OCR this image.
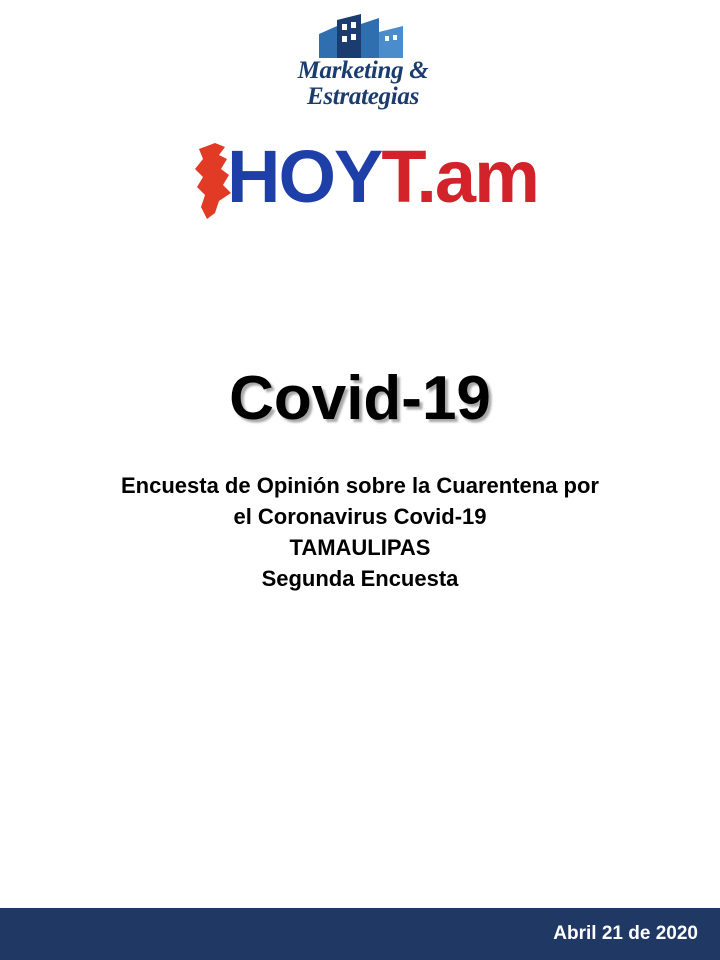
Marketing &
Estrategias
HOYT.am
Covid-19
Encuesta de Opinión sobre la Cuarentena por
el Coronavirus Covid-19
TAMAULIPAS
Segunda Encuesta
Abril 21 de 2020
